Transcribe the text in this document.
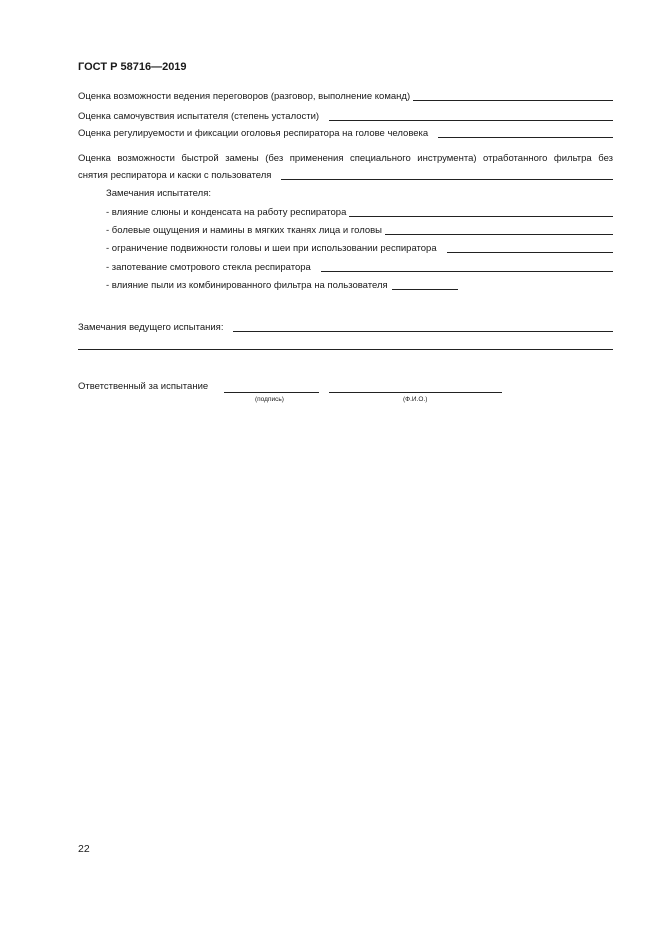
ГОСТ Р 58716—2019
Оценка возможности ведения переговоров (разговор, выполнение команд)
Оценка самочувствия испытателя (степень усталости)
Оценка регулируемости и фиксации оголовья респиратора на голове человека
Оценка возможности быстрой замены (без применения специального инструмента) отработанного фильтра без
снятия респиратора и каски с пользователя
Замечания испытателя:
- влияние слюны и конденсата на работу респиратора
- болевые ощущения и намины в мягких тканях лица и головы
- ограничение подвижности головы и шеи при использовании респиратора
- запотевание смотрового стекла респиратора
- влияние пыли из комбинированного фильтра на пользователя
Замечания ведущего испытания:
Ответственный за испытание
(подпись)	(Ф.И.О.)
22
